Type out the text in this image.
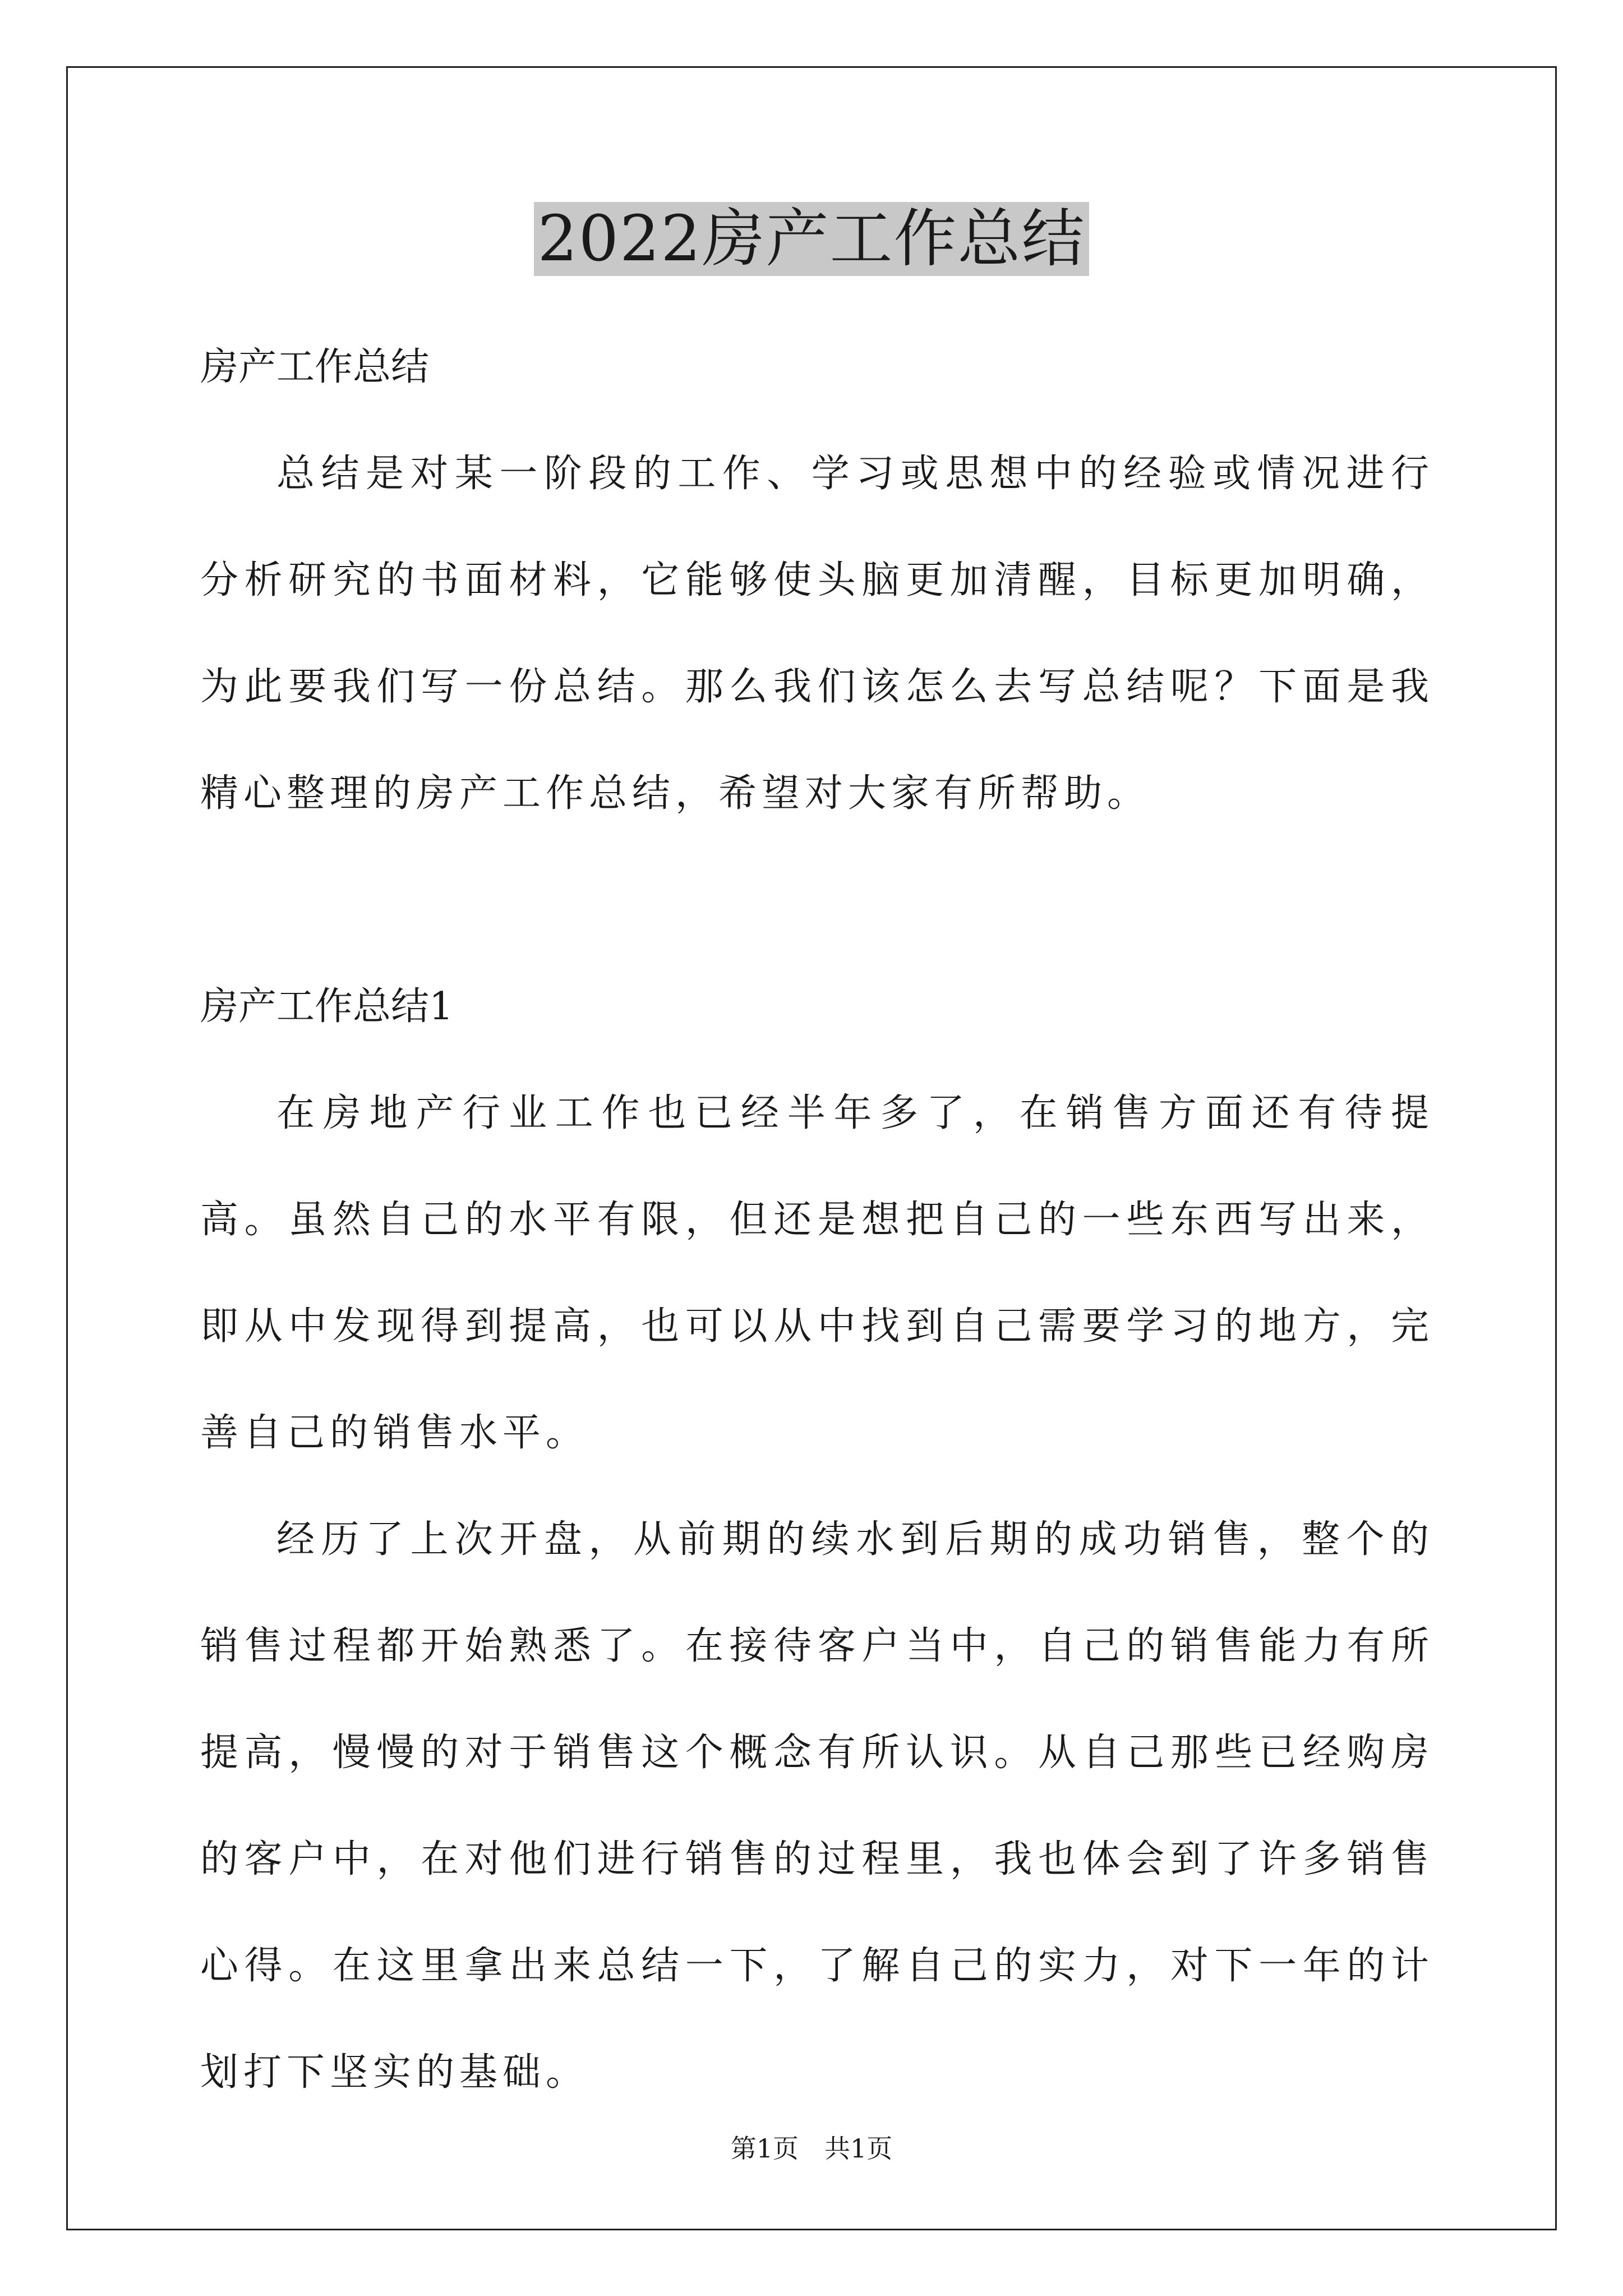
2022房产工作总结

房产工作总结

总结是对某一阶段的工作、学习或思想中的经验或情况进行分析研究的书面材料，它能够使头脑更加清醒，目标更加明确，为此要我们写一份总结。那么我们该怎么去写总结呢？下面是我精心整理的房产工作总结，希望对大家有所帮助。

房产工作总结1

在房地产行业工作也已经半年多了，在销售方面还有待提高。虽然自己的水平有限，但还是想把自己的一些东西写出来，即从中发现得到提高，也可以从中找到自己需要学习的地方，完善自己的销售水平。

经历了上次开盘，从前期的续水到后期的成功销售，整个的销售过程都开始熟悉了。在接待客户当中，自己的销售能力有所提高，慢慢的对于销售这个概念有所认识。从自己那些已经购房的客户中，在对他们进行销售的过程里，我也体会到了许多销售心得。在这里拿出来总结一下，了解自己的实力，对下一年的计划打下坚实的基础。

第1页　共1页
